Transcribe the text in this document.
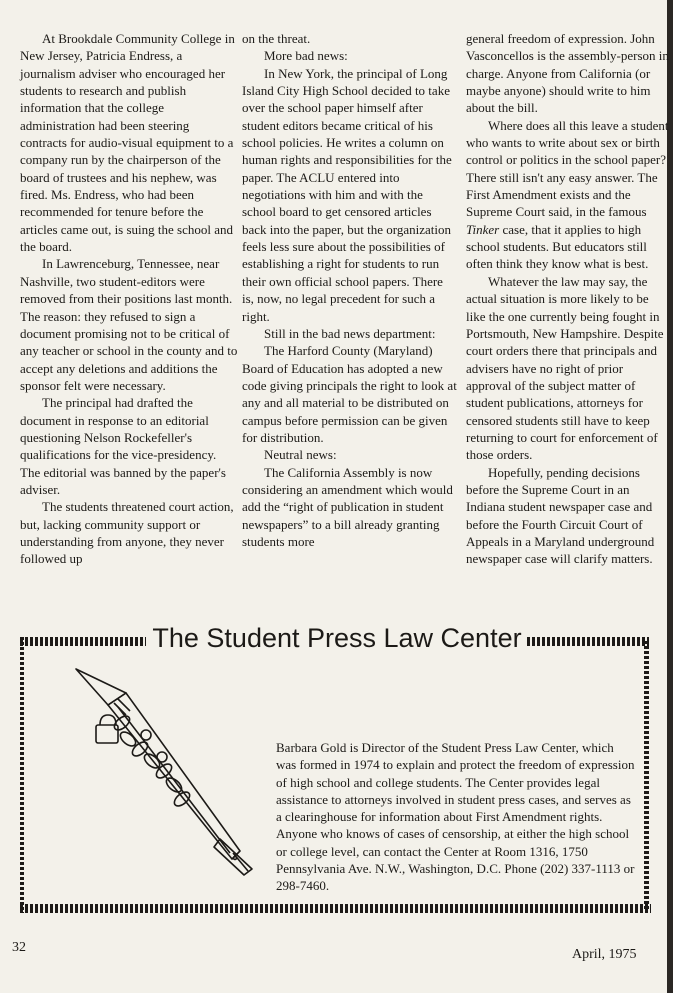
At Brookdale Community College in New Jersey, Patricia Endress, a journalism adviser who encouraged her students to research and publish information that the college administration had been steering contracts for audio-visual equipment to a company run by the chairperson of the board of trustees and his nephew, was fired. Ms. Endress, who had been recommended for tenure before the articles came out, is suing the school and the board.

In Lawrenceburg, Tennessee, near Nashville, two student-editors were removed from their positions last month. The reason: they refused to sign a document promising not to be critical of any teacher or school in the county and to accept any deletions and additions the sponsor felt were necessary.

The principal had drafted the document in response to an editorial questioning Nelson Rockefeller's qualifications for the vice-presidency. The editorial was banned by the paper's adviser.

The students threatened court action, but, lacking community support or understanding from anyone, they never followed up

on the threat.

More bad news:

In New York, the principal of Long Island City High School decided to take over the school paper himself after student editors became critical of his school policies. He writes a column on human rights and responsibilities for the paper. The ACLU entered into negotiations with him and with the school board to get censored articles back into the paper, but the organization feels less sure about the possibilities of establishing a right for students to run their own official school papers. There is, now, no legal precedent for such a right.

Still in the bad news department:

The Harford County (Maryland) Board of Education has adopted a new code giving principals the right to look at any and all material to be distributed on campus before permission can be given for distribution.

Neutral news:

The California Assembly is now considering an amendment which would add the “right of publication in student newspapers” to a bill already granting students more

general freedom of expression. John Vasconcellos is the assembly-person in charge. Anyone from California (or maybe anyone) should write to him about the bill.

Where does all this leave a student who wants to write about sex or birth control or politics in the school paper? There still isn't any easy answer. The First Amendment exists and the Supreme Court said, in the famous Tinker case, that it applies to high school students. But educators still often think they know what is best.

Whatever the law may say, the actual situation is more likely to be like the one currently being fought in Portsmouth, New Hampshire. Despite court orders there that principals and advisers have no right of prior approval of the subject matter of student publications, attorneys for censored students still have to keep returning to court for enforcement of those orders.

Hopefully, pending decisions before the Supreme Court in an Indiana student newspaper case and before the Fourth Circuit Court of Appeals in a Maryland underground newspaper case will clarify matters.

The Student Press Law Center
Barbara Gold is Director of the Student Press Law Center, which was formed in 1974 to explain and protect the freedom of expression of high school and college students. The Center provides legal assistance to attorneys involved in student press cases, and serves as a clearinghouse for information about First Amendment rights. Anyone who knows of cases of censorship, at either the high school or college level, can contact the Center at Room 1316, 1750 Pennsylvania Ave. N.W., Washington, D.C. Phone (202) 337-1113 or 298-7460.
32	April, 1975
